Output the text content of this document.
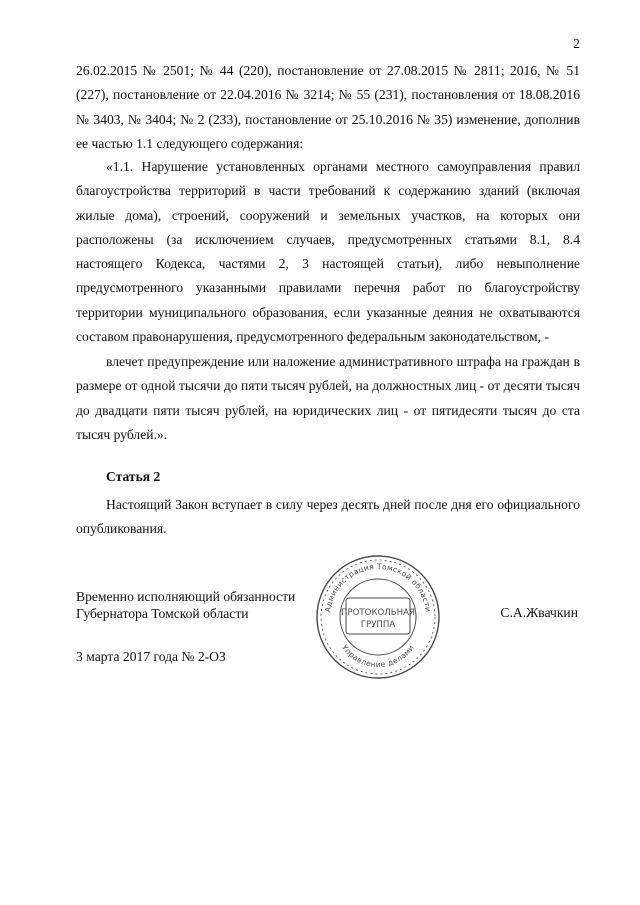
2

26.02.2015 № 2501; № 44 (220), постановление от 27.08.2015 № 2811; 2016, № 51 (227), постановление от 22.04.2016 № 3214; № 55 (231), постановления от 18.08.2016 № 3403, № 3404; № 2 (233), постановление от 25.10.2016 № 35) изменение, дополнив ее частью 1.1 следующего содержания:

«1.1. Нарушение установленных органами местного самоуправления правил благоустройства территорий в части требований к содержанию зданий (включая жилые дома), строений, сооружений и земельных участков, на которых они расположены (за исключением случаев, предусмотренных статьями 8.1, 8.4 настоящего Кодекса, частями 2, 3 настоящей статьи), либо невыполнение предусмотренного указанными правилами перечня работ по благоустройству территории муниципального образования, если указанные деяния не охватываются составом правонарушения, предусмотренного федеральным законодательством, -

влечет предупреждение или наложение административного штрафа на граждан в размере от одной тысячи до пяти тысяч рублей, на должностных лиц - от десяти тысяч до двадцати пяти тысяч рублей, на юридических лиц - от пятидесяти тысяч до ста тысяч рублей.».

Статья 2

Настоящий Закон вступает в силу через десять дней после дня его официального опубликования.

Временно исполняющий обязанности
Губернатора Томской области	С.А.Жвачкин
3 марта 2017 года № 2-ОЗ
Администрация Томской области
Управление делами
ПРОТОКОЛЬНАЯ
ГРУППА
